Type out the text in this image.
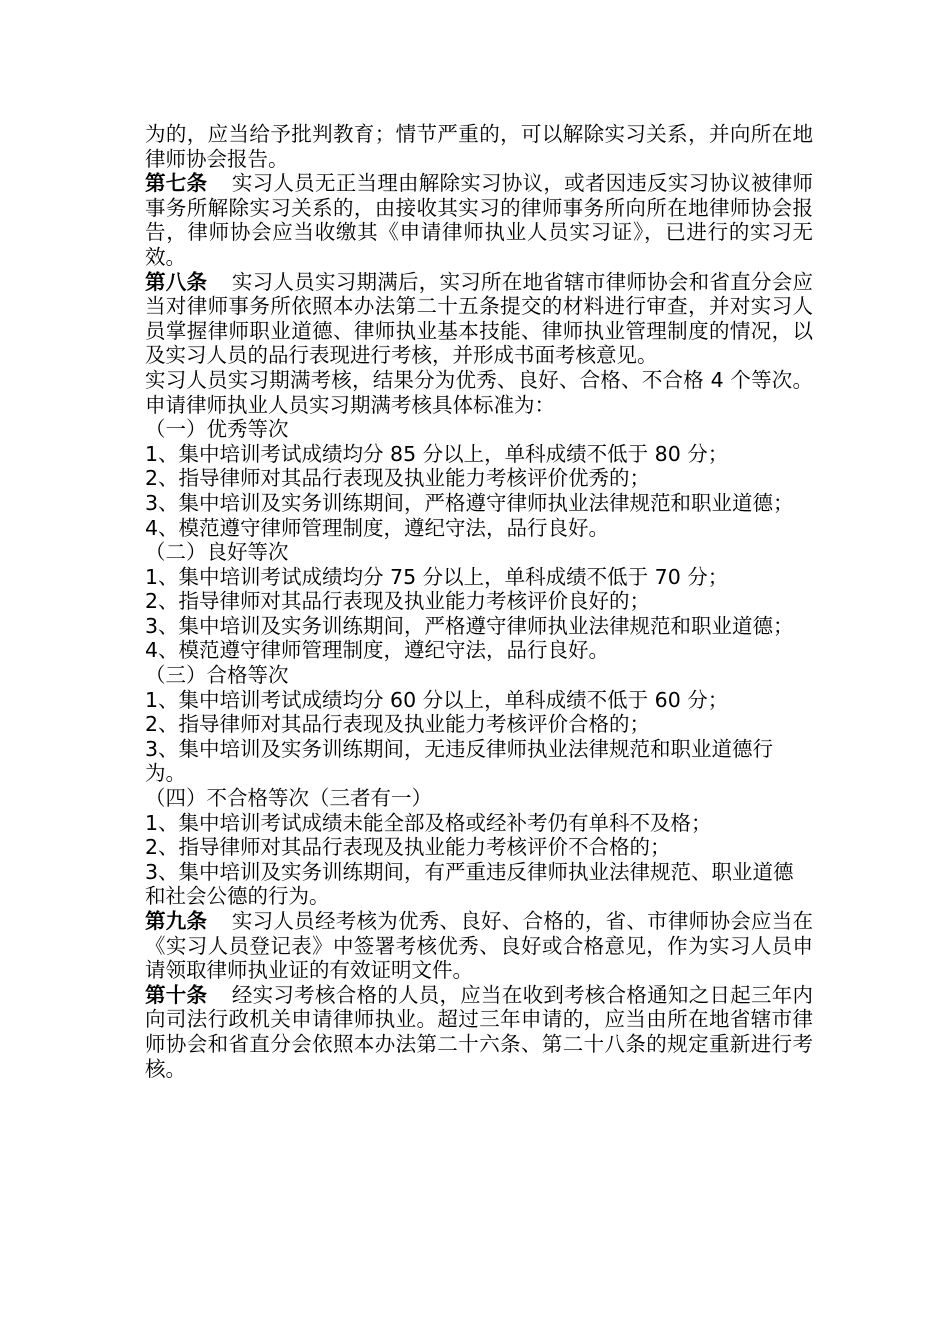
为的，应当给予批判教育；情节严重的，可以解除实习关系，并向所在地律师协会报告。

第七条 实习人员无正当理由解除实习协议，或者因违反实习协议被律师事务所解除实习关系的，由接收其实习的律师事务所向所在地律师协会报告，律师协会应当收缴其《申请律师执业人员实习证》，已进行的实习无效。

第八条 实习人员实习期满后，实习所在地省辖市律师协会和省直分会应当对律师事务所依照本办法第二十五条提交的材料进行审查，并对实习人员掌握律师职业道德、律师执业基本技能、律师执业管理制度的情况，以及实习人员的品行表现进行考核，并形成书面考核意见。

实习人员实习期满考核，结果分为优秀、良好、合格、不合格 4 个等次。申请律师执业人员实习期满考核具体标准为：

（一）优秀等次

1、集中培训考试成绩均分 85 分以上，单科成绩不低于 80 分；

2、指导律师对其品行表现及执业能力考核评价优秀的；

3、集中培训及实务训练期间，严格遵守律师执业法律规范和职业道德；

4、模范遵守律师管理制度，遵纪守法，品行良好。

（二）良好等次

1、集中培训考试成绩均分 75 分以上，单科成绩不低于 70 分；

2、指导律师对其品行表现及执业能力考核评价良好的；

3、集中培训及实务训练期间，严格遵守律师执业法律规范和职业道德；

4、模范遵守律师管理制度，遵纪守法，品行良好。

（三）合格等次

1、集中培训考试成绩均分 60 分以上，单科成绩不低于 60 分；

2、指导律师对其品行表现及执业能力考核评价合格的；

3、集中培训及实务训练期间，无违反律师执业法律规范和职业道德行为。

（四）不合格等次（三者有一）

1、集中培训考试成绩未能全部及格或经补考仍有单科不及格；

2、指导律师对其品行表现及执业能力考核评价不合格的；

3、集中培训及实务训练期间，有严重违反律师执业法律规范、职业道德和社会公德的行为。

第九条 实习人员经考核为优秀、良好、合格的，省、市律师协会应当在《实习人员登记表》中签署考核优秀、良好或合格意见，作为实习人员申请领取律师执业证的有效证明文件。

第十条 经实习考核合格的人员，应当在收到考核合格通知之日起三年内向司法行政机关申请律师执业。超过三年申请的，应当由所在地省辖市律师协会和省直分会依照本办法第二十六条、第二十八条的规定重新进行考核。
